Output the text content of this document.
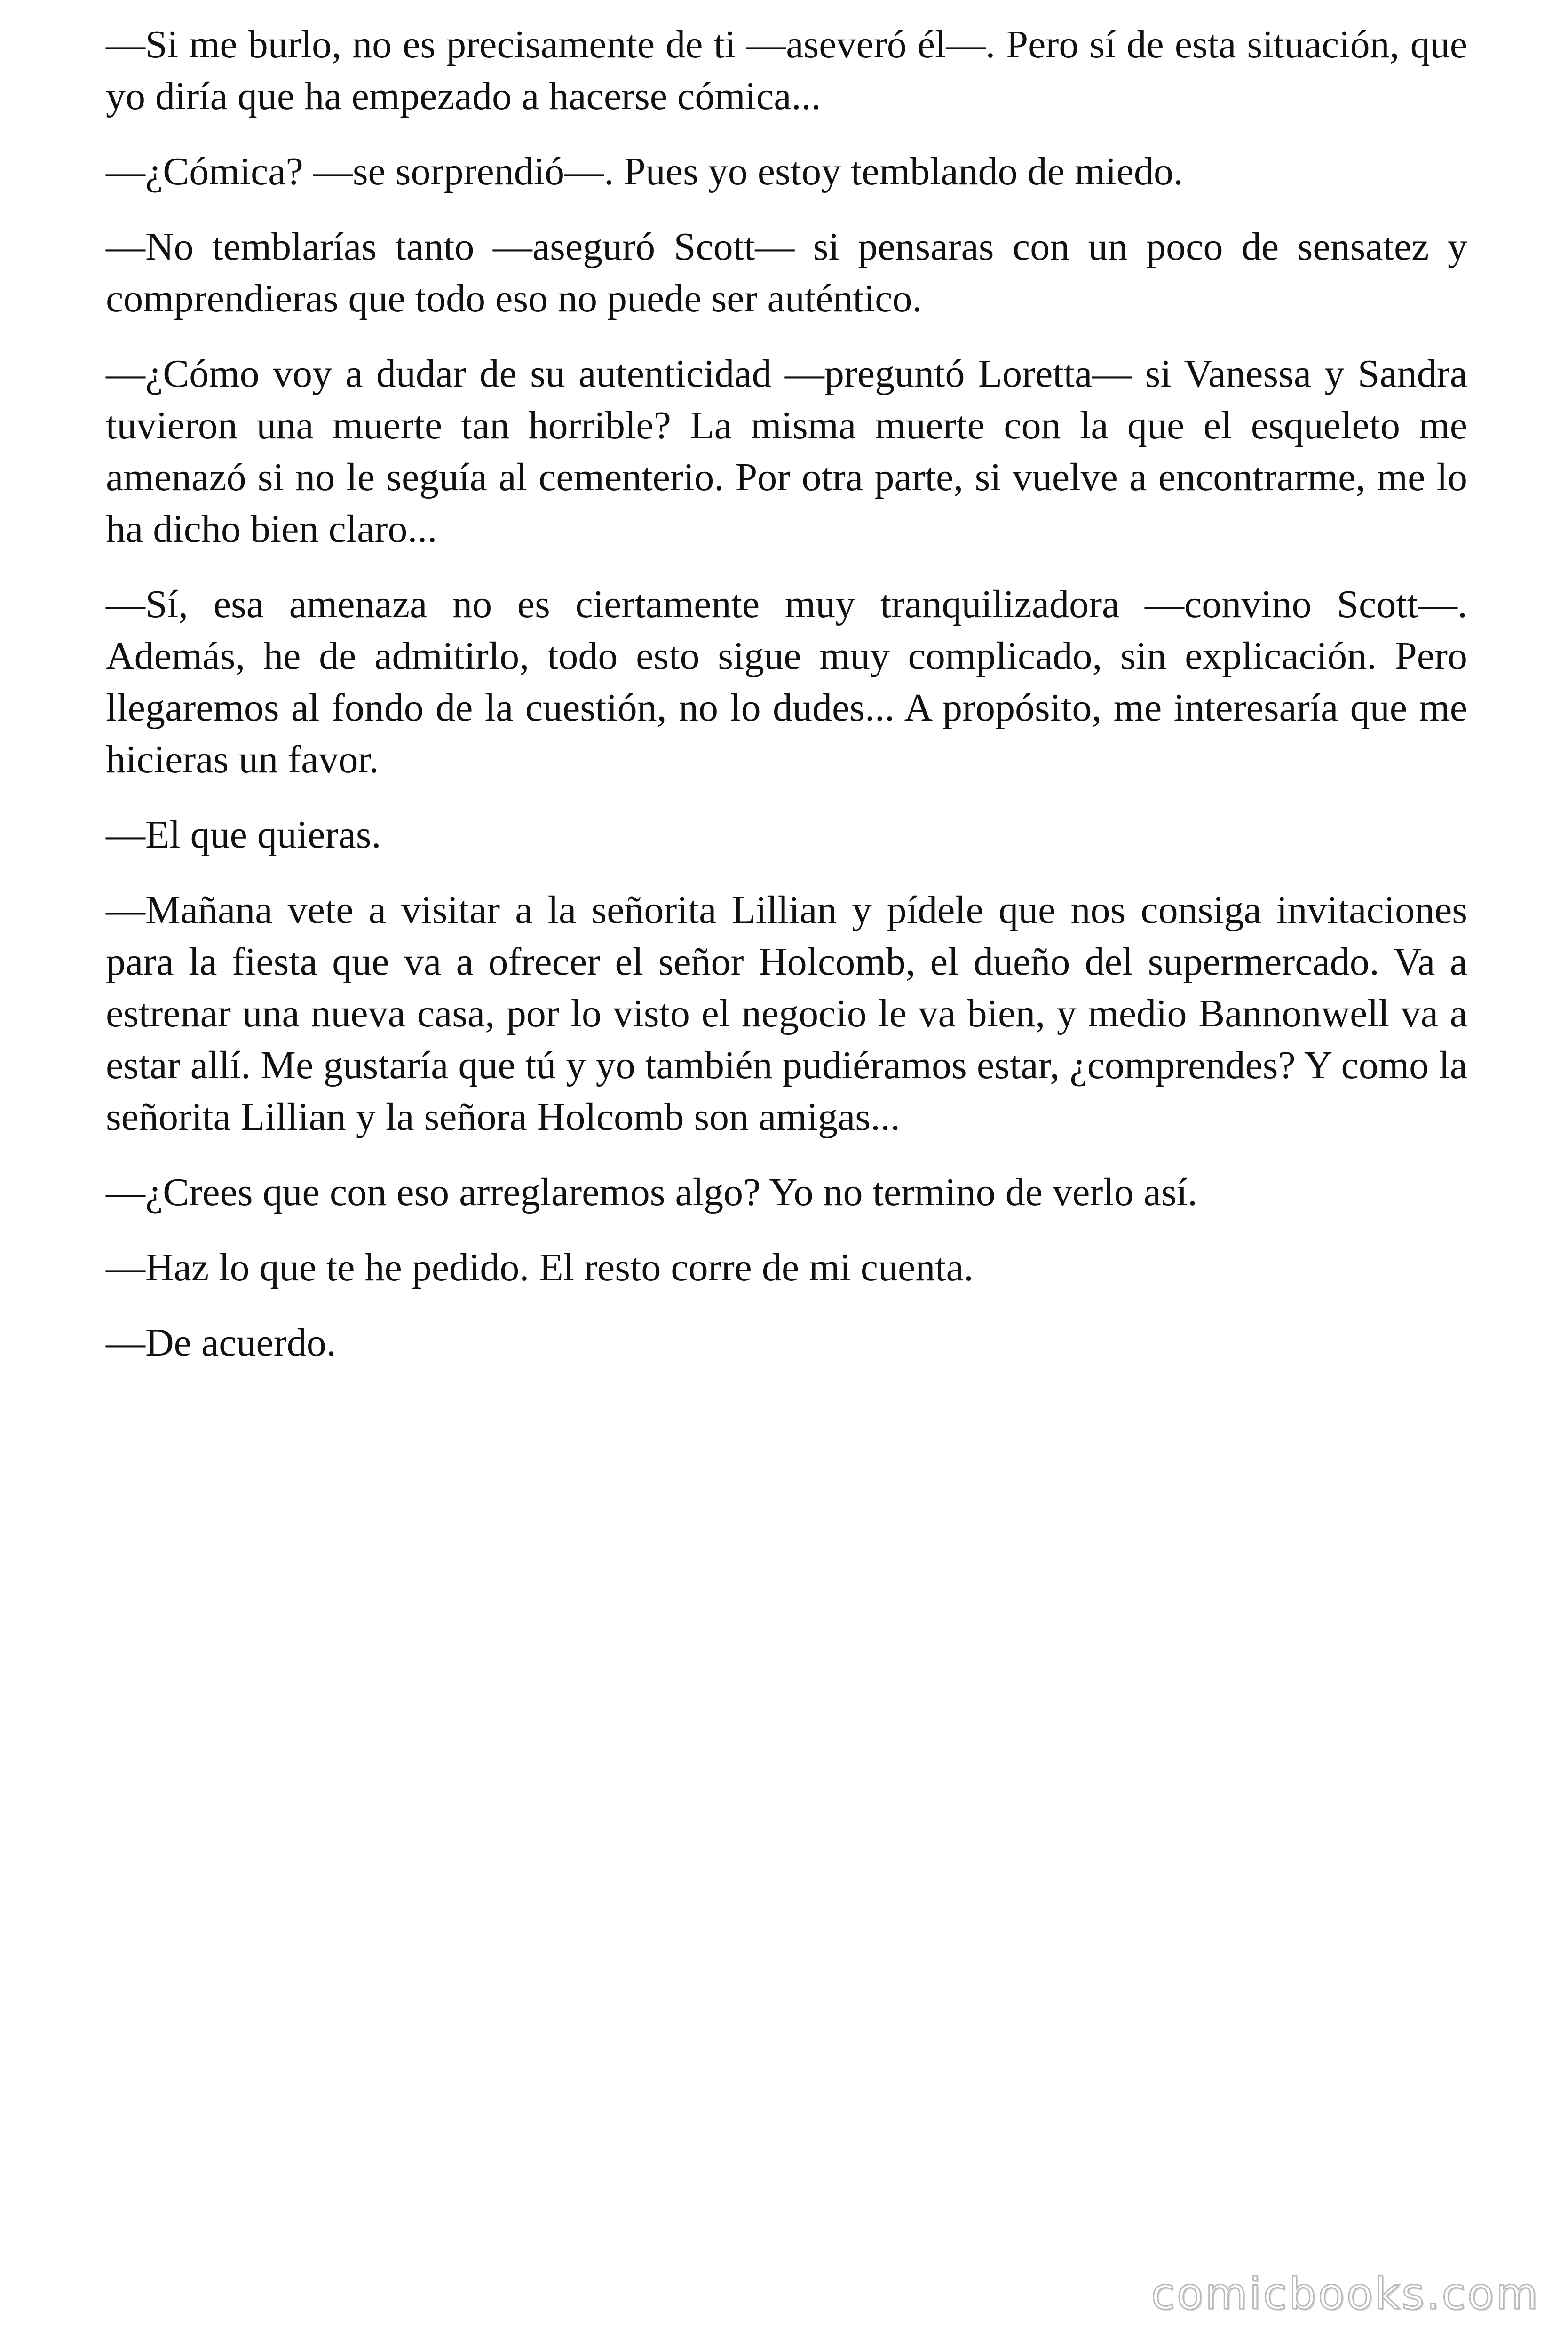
—Si me burlo, no es precisamente de ti —aseveró él—. Pero sí de esta situación, que yo diría que ha empezado a hacerse cómica...

—¿Cómica? —se sorprendió—. Pues yo estoy temblando de miedo.

—No temblarías tanto —aseguró Scott— si pensaras con un poco de sensatez y comprendieras que todo eso no puede ser auténtico.

—¿Cómo voy a dudar de su autenticidad —preguntó Loretta— si Vanessa y Sandra tuvieron una muerte tan horrible? La misma muerte con la que el esqueleto me amenazó si no le seguía al cementerio. Por otra parte, si vuelve a encontrarme, me lo ha dicho bien claro...

—Sí, esa amenaza no es ciertamente muy tranquilizadora —convino Scott—. Además, he de admitirlo, todo esto sigue muy complicado, sin explicación. Pero llegaremos al fondo de la cuestión, no lo dudes... A propósito, me interesaría que me hicieras un favor.

—El que quieras.

—Mañana vete a visitar a la señorita Lillian y pídele que nos consiga invitaciones para la fiesta que va a ofrecer el señor Holcomb, el dueño del supermercado. Va a estrenar una nueva casa, por lo visto el negocio le va bien, y medio Bannonwell va a estar allí. Me gustaría que tú y yo también pudiéramos estar, ¿comprendes? Y como la señorita Lillian y la señora Holcomb son amigas...

—¿Crees que con eso arreglaremos algo? Yo no termino de verlo así.

—Haz lo que te he pedido. El resto corre de mi cuenta.

—De acuerdo.

comicbooks.com
